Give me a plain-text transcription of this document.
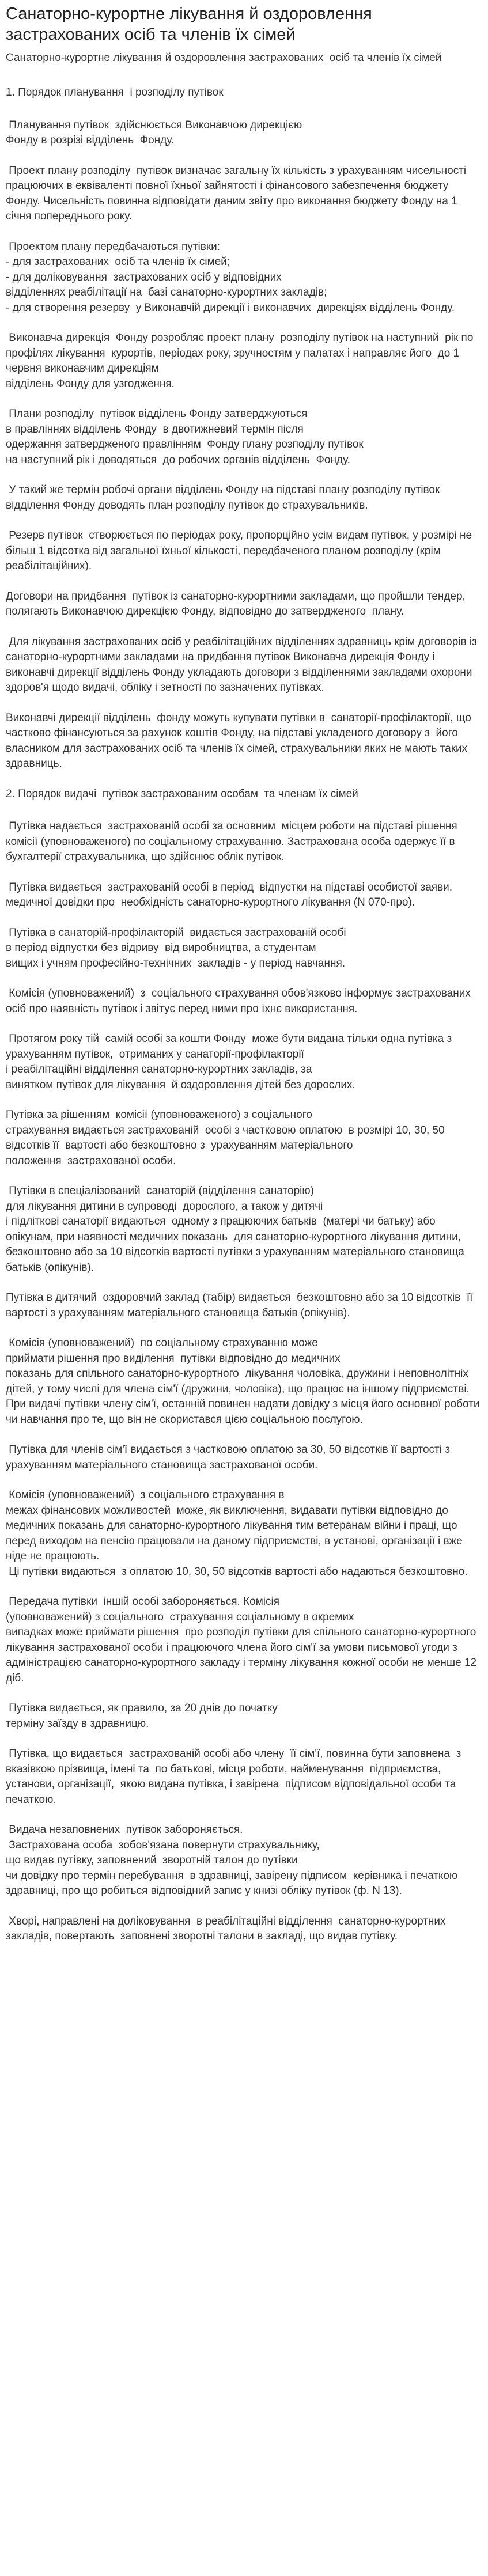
Санаторно-курортне лікування й оздоровлення застрахованих осіб та членів їх сімей
Санаторно-курортне лікування й оздоровлення застрахованих  осіб та членів їх сімей
1. Порядок планування  і розподілу путівок
Планування путівок  здійснюється Виконавчою дирекцією
Фонду в розрізі відділень  Фонду.
Проект плану розподілу  путівок визначає загальну їх кількість з урахуванням чисельності працюючих в еквіваленті повної їхньої зайнятості і фінансового забезпечення бюджету Фонду. Чисельність повинна відповідати даним звіту про виконання бюджету Фонду на 1 січня попереднього року.
Проектом плану передбачаються путівки:
- для застрахованих  осіб та членів їх сімей;
- для доліковування  застрахованих осіб у відповідних
відділеннях реабілітації на  базі санаторно-курортних закладів;
- для створення резерву  у Виконавчій дирекції і виконавчих  дирекціях відділень Фонду.
Виконавча дирекція  Фонду розробляє проект плану  розподілу путівок на наступний  рік по профілях лікування  курортів, періодах року, зручностям у палатах і направляє його  до 1 червня виконавчим дирекціям
відділень Фонду для узгодження.
Плани розподілу  путівок відділень Фонду затверджуються
в правліннях відділень Фонду  в двотижневий термін після
одержання затвердженого правлінням  Фонду плану розподілу путівок
на наступний рік і доводяться  до робочих органів відділень  Фонду.
У такий же термін робочі органи відділень Фонду на підставі плану розподілу путівок відділення Фонду доводять план розподілу путівок до страхувальників.
Резерв путівок  створюється по періодах року, пропорційно усім видам путівок, у розмірі не більш 1 відсотка від загальної їхньої кількості, передбаченого планом розподілу (крім реабілітаційних).
Договори на придбання  путівок із санаторно-курортними закладами, що пройшли тендер, полягають Виконавчою дирекцією Фонду, відповідно до затвердженого  плану.
Для лікування застрахованих осіб у реабілітаційних відділеннях здравниць крім договорів із санаторно-курортними закладами на придбання путівок Виконавча дирекція Фонду і виконавчі дирекції відділень Фонду укладають договори з відділеннями закладами охорони здоров'я щодо видачі, обліку і зeтності по зазначених путівках.
Виконавчі дирекції відділень  фонду можуть купувати путівки в  санаторії-профілакторії, що частково фінансуються за рахунок коштів Фонду, на підставі укладеного договору з  його власником для застрахованих осіб та членів їх сімей, страхувальники якиx не мають таких здравниць.
2. Порядок видачі  путівок застрахованим особам  та членам їх сімей
Путівка надається  застрахованій особі за основним  місцем роботи на підставі рішення комісії (уповноваженого) по соціальному страхуванню. Застрахована особа одержує її в бухгалтерії страхувальника, що здійснює облік путівок.
Путівка видається  застрахованій особі в період  відпустки на підставі особистої заяви, медичної довідки про  необхідність санаторно-курортного лікування (N 070-про).
Путівка в санаторій-профілакторій  видається застрахованій особі
в період відпустки без відриву  від виробництва, а студентам
вищих і учням професійно-технічних  закладів - у період навчання.
Комісія (уповноважений)  з  соціального страхування обов'язково інформує застрахованих осіб про наявність путівок і звітує перед ними про їхнє використання.
Протягом року тій  самій особі за кошти Фонду  може бути видана тільки одна путівка з урахуванням путівок,  отриманих у санаторії-профілакторії
і реабілітаційні відділення санаторно-курортних закладів, за
винятком путівок для лікування  й оздоровлення дітей без дорослих.
Путівка за рішенням  комісії (уповноваженого) з соціального
страхування видається застрахованій  особі з частковою оплатою  в розмірі 10, 30, 50 відсотків її  вартості або безкоштовно з  урахуванням матеріального
положення  застрахованої особи.
Путівки в спеціалізований  санаторій (відділення санаторію)
для лікування дитини в супроводі  дорослого, а також у дитячі
і підліткові санаторії видаються  одному з працюючих батьків  (матері чи батьку) або опікунам, при наявності медичних показань  для санаторно-курортного лікування дитини, безкоштовно або за 10 відсотків вартості путівки з урахуванням матеріального становища батьків (опікунів).
Путівка в дитячий  оздоровчий заклад (табір) видається  безкоштовно або за 10 відсотків  її вартості з урахуванням матеріального становища батьків (опікунів).
Комісія (уповноважений)  по соціальному страхуванню може
приймати рішення про виділення  путівки відповідно до медичних
показань для спільного санаторно-курортного  лікування чоловіка, дружини і неповнолітніх дітей, у тому числі для члена сім'ї (дружини, чоловіка), що працює на іншому підприємстві. При видачі путівки члену сім'ї, останній повинен надати довідку з місця його основної роботи чи навчання про те, що він не скористався цією соціальною послугою.
Путівка для членів сім'ї видається з частковою оплатою за 30, 50 відсотків її вартості з урахуванням матеріального становища застрахованої особи.
Комісія (уповноважений)  з соціального страхування в
межах фінансових можливостей  може, як виключення, видавати путівки відповідно до медичних показань для санаторно-курортного лікування тим ветеранам війни і праці, що перед виходом на пенсію працювали на даному підприємстві, в установі, організації і вже ніде не працюють.
Ці путівки видаються  з оплатою 10, 30, 50 відсотків вартості або надаються безкоштовно.
Передача путівки  іншій особі забороняється. Комісія
(уповноважений) з соціального  страхування соціальному в окремих
випадках може приймати рішення  про розподіл путівки для спільного санаторно-курортного лікування застрахованої особи і працюючого члена його сім'ї за умови письмової угоди з адміністрацією санаторно-курортного закладу і терміну лікування кожної особи не менше 12 діб.
Путівка видається, як правило, за 20 днів до початку
терміну заїзду в здравницю.
Путівка, що видається  застрахованій особі або члену  її сім'ї, повинна бути заповнена  з вказівкою прізвища, імені та  по батькові, місця роботи, найменування  підприємства, установи, організації,  якою видана путівка, і завірена  підписом відповідальної особи та печаткою.
Видача незаповнених  путівок забороняється.
Застрахована особа  зобов'язана повернути страхувальнику,
що видав путівку, заповнений  зворотній талон до путівки
чи довідку про термін перебування  в здравниці, завірену підписом  керівника і печаткою здравниці, про що робиться відповідний запис у книзі обліку путівок (ф. N 13).
Хворі, направлені на доліковування  в реабілітаційні відділення  санаторно-курортних закладів, повертають  заповнені зворотні талони в закладі, що видав путівку.
